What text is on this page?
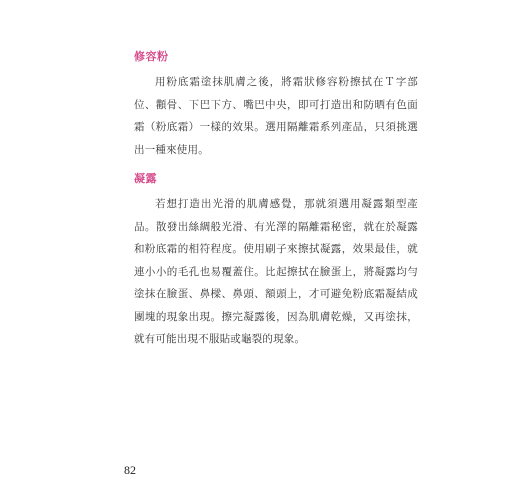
修容粉

用粉底霜塗抹肌膚之後，將霜狀修容粉擦拭在Ｔ字部位、顴骨、下巴下方、嘴巴中央，即可打造出和防晒有色面霜（粉底霜）一樣的效果。選用隔離霜系列產品，只須挑選出一種來使用。

凝露

若想打造出光滑的肌膚感覺，那就須選用凝露類型產品。散發出絲綢般光滑、有光澤的隔離霜秘密，就在於凝露和粉底霜的相符程度。使用刷子來擦拭凝露，效果最佳，就連小小的毛孔也易覆蓋住。比起擦拭在臉蛋上，將凝露均勻塗抹在臉蛋、鼻樑、鼻頭、額頭上，才可避免粉底霜凝結成團塊的現象出現。擦完凝露後，因為肌膚乾燥，又再塗抹，就有可能出現不服貼或龜裂的現象。

82
